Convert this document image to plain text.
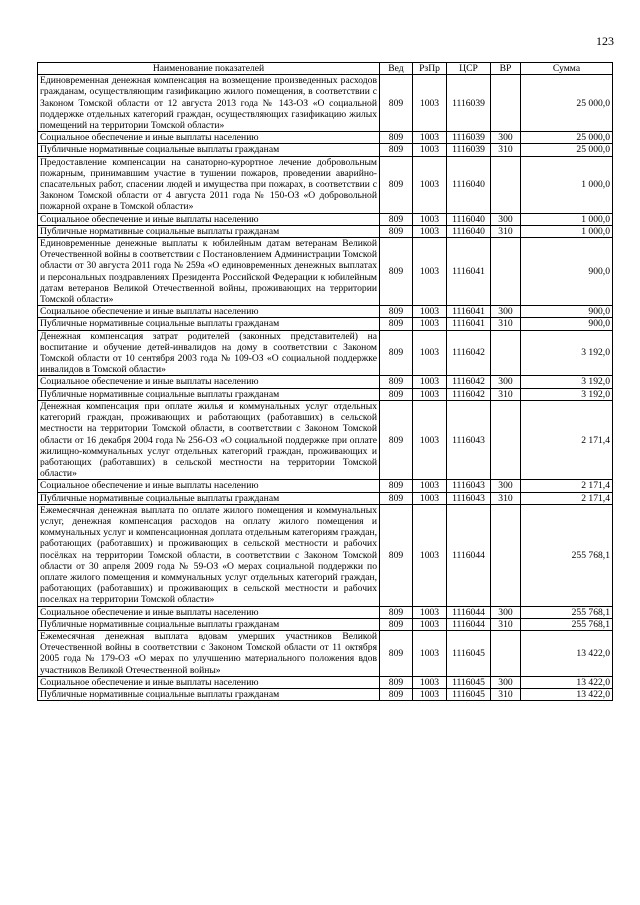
123
Наименование показателей	Вед	РзПр	ЦСР	ВР	Сумма
Единовременная денежная компенсация на возмещение произведенных расходов гражданам, осуществляющим газификацию жилого помещения, в соответствии с Законом Томской области от 12 августа 2013 года № 143-ОЗ «О социальной поддержке отдельных категорий граждан, осуществляющих газификацию жилых помещений на территории Томской области»	809	1003	1116039		25 000,0
Социальное обеспечение и иные выплаты населению	809	1003	1116039	300	25 000,0
Публичные нормативные социальные выплаты гражданам	809	1003	1116039	310	25 000,0
Предоставление компенсации на санаторно-курортное лечение добровольным пожарным, принимавшим участие в тушении пожаров, проведении аварийно-спасательных работ, спасении людей и имущества при пожарах, в соответствии с Законом Томской области от 4 августа 2011 года № 150-ОЗ «О добровольной пожарной охране в Томской области»	809	1003	1116040		1 000,0
Социальное обеспечение и иные выплаты населению	809	1003	1116040	300	1 000,0
Публичные нормативные социальные выплаты гражданам	809	1003	1116040	310	1 000,0
Единовременные денежные выплаты к юбилейным датам ветеранам Великой Отечественной войны в соответствии с Постановлением Администрации Томской области от 30 августа 2011 года № 259а «О единовременных денежных выплатах и персональных поздравлениях Президента Российской Федерации к юбилейным датам ветеранов Великой Отечественной войны, проживающих на территории Томской области»	809	1003	1116041		900,0
Социальное обеспечение и иные выплаты населению	809	1003	1116041	300	900,0
Публичные нормативные социальные выплаты гражданам	809	1003	1116041	310	900,0
Денежная компенсация затрат родителей (законных представителей) на воспитание и обучение детей-инвалидов на дому в соответствии с Законом Томской области от 10 сентября 2003 года № 109-ОЗ «О социальной поддержке инвалидов в Томской области»	809	1003	1116042		3 192,0
Социальное обеспечение и иные выплаты населению	809	1003	1116042	300	3 192,0
Публичные нормативные социальные выплаты гражданам	809	1003	1116042	310	3 192,0
Денежная компенсация при оплате жилья и коммунальных услуг отдельных категорий граждан, проживающих и работающих (работавших) в сельской местности на территории Томской области, в соответствии с Законом Томской области от 16 декабря 2004 года № 256-ОЗ «О социальной поддержке при оплате жилищно-коммунальных услуг отдельных категорий граждан, проживающих и работающих (работавших) в сельской местности на территории Томской области»	809	1003	1116043		2 171,4
Социальное обеспечение и иные выплаты населению	809	1003	1116043	300	2 171,4
Публичные нормативные социальные выплаты гражданам	809	1003	1116043	310	2 171,4
Ежемесячная денежная выплата по оплате жилого помещения и коммунальных услуг, денежная компенсация расходов на оплату жилого помещения и коммунальных услуг и компенсационная доплата отдельным категориям граждан, работающих (работавших) и проживающих в сельской местности и рабочих посёлках на территории Томской области, в соответствии с Законом Томской области от 30 апреля 2009 года № 59-ОЗ «О мерах социальной поддержки по оплате жилого помещения и коммунальных услуг отдельных категорий граждан, работающих (работавших) и проживающих в сельской местности и рабочих поселках на территории Томской области»	809	1003	1116044		255 768,1
Социальное обеспечение и иные выплаты населению	809	1003	1116044	300	255 768,1
Публичные нормативные социальные выплаты гражданам	809	1003	1116044	310	255 768,1
Ежемесячная денежная выплата вдовам умерших участников Великой Отечественной войны в соответствии с Законом Томской области от 11 октября 2005 года № 179-ОЗ «О мерах по улучшению материального положения вдов участников Великой Отечественной войны»	809	1003	1116045		13 422,0
Социальное обеспечение и иные выплаты населению	809	1003	1116045	300	13 422,0
Публичные нормативные социальные выплаты гражданам	809	1003	1116045	310	13 422,0
